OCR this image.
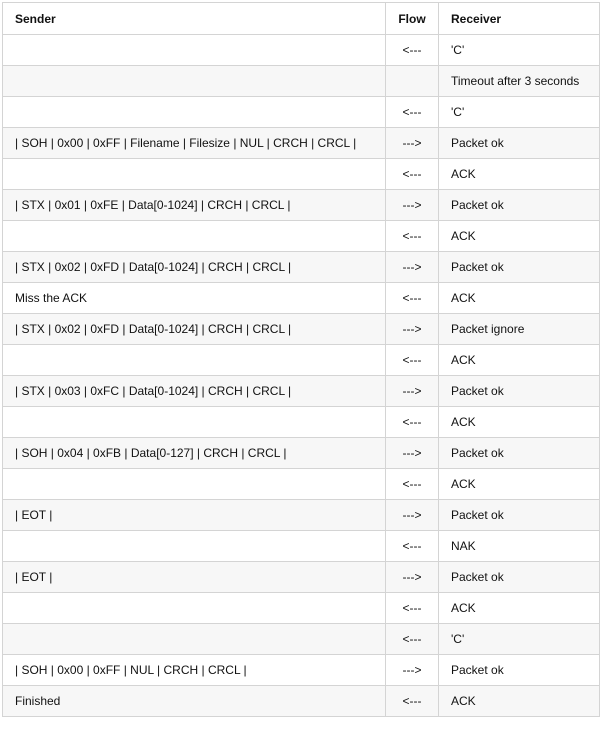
Sender	Flow	Receiver
	<---	'C'
		Timeout after 3 seconds
	<---	'C'
| SOH | 0x00 | 0xFF | Filename | Filesize | NUL | CRCH | CRCL |	--->	Packet ok
	<---	ACK
| STX | 0x01 | 0xFE | Data[0-1024] | CRCH | CRCL |	--->	Packet ok
	<---	ACK
| STX | 0x02 | 0xFD | Data[0-1024] | CRCH | CRCL |	--->	Packet ok
Miss the ACK	<---	ACK
| STX | 0x02 | 0xFD | Data[0-1024] | CRCH | CRCL |	--->	Packet ignore
	<---	ACK
| STX | 0x03 | 0xFC | Data[0-1024] | CRCH | CRCL |	--->	Packet ok
	<---	ACK
| SOH | 0x04 | 0xFB | Data[0-127] | CRCH | CRCL |	--->	Packet ok
	<---	ACK
| EOT |	--->	Packet ok
	<---	NAK
| EOT |	--->	Packet ok
	<---	ACK
	<---	'C'
| SOH | 0x00 | 0xFF | NUL | CRCH | CRCL |	--->	Packet ok
Finished	<---	ACK
